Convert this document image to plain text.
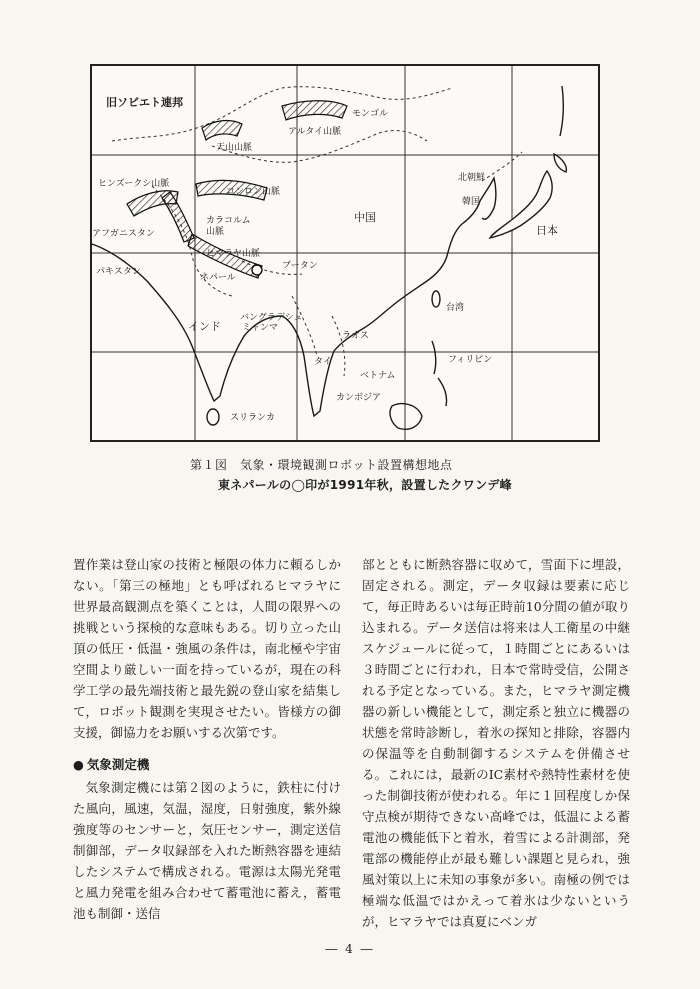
旧ソビエト連邦
モンゴル
アルタイ山脈
天山山脈
ヒンズークシ山脈
コンロン山脈
カラコルム山脈
アフガニスタン
ヒマラヤ山脈
パキスタン
ネパール
ブータン
中国
北朝鮮
韓国
日本
台湾
インド
バングラデシュ
ミャンマ
ラオス
タイ
ベトナム
フィリピン
カンボジア
スリランカ
第１図　気象・環境観測ロボット設置構想地点
東ネパールの◯印が1991年秋，設置したクワンデ峰

置作業は登山家の技術と極限の体力に頼るしかない。「第三の極地」とも呼ばれるヒマラヤに世界最高観測点を築くことは，人間の限界への挑戦という探検的な意味もある。切り立った山頂の低圧・低温・強風の条件は，南北極や宇宙空間より厳しい一面を持っているが，現在の科学工学の最先端技術と最先鋭の登山家を結集して，ロボット観測を実現させたい。皆様方の御支援，御協力をお願いする次第です。

● 気象測定機

気象測定機には第２図のように，鉄柱に付けた風向，風速，気温，湿度，日射強度，紫外線強度等のセンサーと，気圧センサー，測定送信制御部，データ収録部を入れた断熱容器を連結したシステムで構成される。電源は太陽光発電と風力発電を組み合わせて蓄電池に蓄え，蓄電池も制御・送信

部とともに断熱容器に収めて，雪面下に埋設，固定される。測定，データ収録は要素に応じて，毎正時あるいは毎正時前10分間の値が取り込まれる。データ送信は将来は人工衛星の中継スケジュールに従って，１時間ごとにあるいは３時間ごとに行われ，日本で常時受信，公開される予定となっている。また，ヒマラヤ測定機器の新しい機能として，測定系と独立に機器の状態を常時診断し，着氷の探知と排除，容器内の保温等を自動制御するシステムを併備させる。これには，最新のIC素材や熱特性素材を使った制御技術が使われる。年に１回程度しか保守点検が期待できない高峰では，低温による蓄電池の機能低下と着氷，着雪による計測部，発電部の機能停止が最も難しい課題と見られ，強風対策以上に未知の事象が多い。南極の例では極端な低温ではかえって着氷は少ないというが，ヒマラヤでは真夏にベンガ

― 4 ―
